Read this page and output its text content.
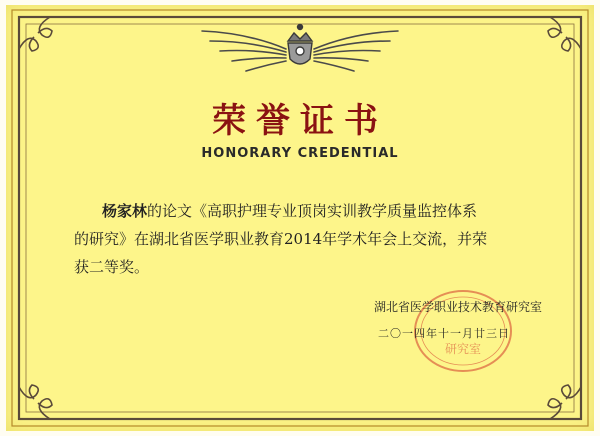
荣誉证书
HONORARY CREDENTIAL
杨家林的论文《高职护理专业顶岗实训教学质量监控体系
的研究》在湖北省医学职业教育2014年学术年会上交流，并荣
获二等奖。
研究室
湖北省医学职业技术教育研究室
二〇一四年十一月廿三日
